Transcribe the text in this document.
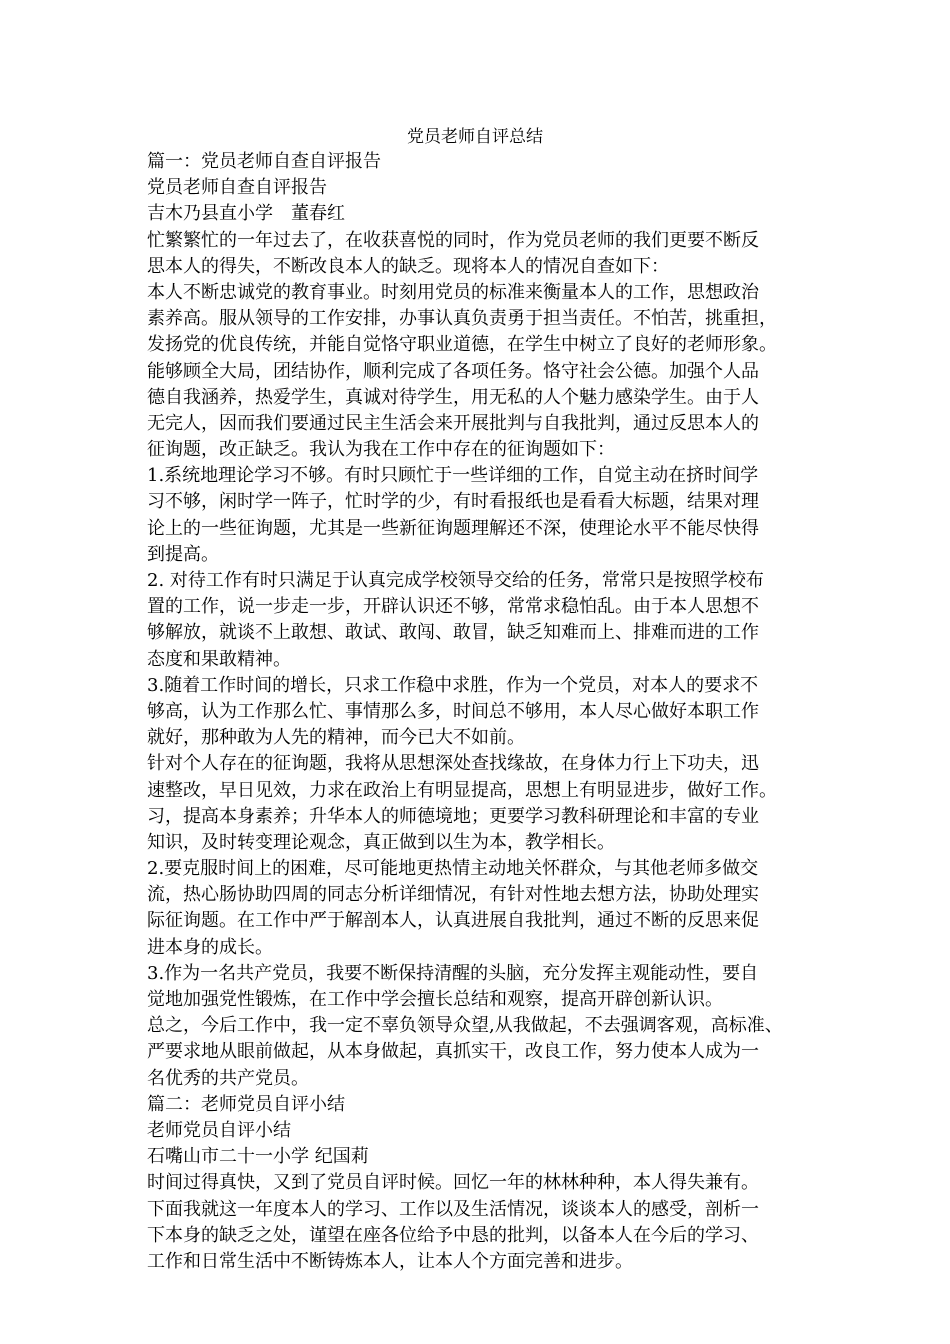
党员老师自评总结
篇一：党员老师自查自评报告
党员老师自查自评报告
吉木乃县直小学　董春红
忙繁繁忙的一年过去了，在收获喜悦的同时，作为党员老师的我们更要不断反
思本人的得失，不断改良本人的缺乏。现将本人的情况自查如下：
本人不断忠诚党的教育事业。时刻用党员的标准来衡量本人的工作，思想政治
素养高。服从领导的工作安排，办事认真负责勇于担当责任。不怕苦，挑重担，
发扬党的优良传统，并能自觉恪守职业道德，在学生中树立了良好的老师形象。
能够顾全大局，团结协作，顺利完成了各项任务。恪守社会公德。加强个人品
德自我涵养，热爱学生，真诚对待学生，用无私的人个魅力感染学生。由于人
无完人，因而我们要通过民主生活会来开展批判与自我批判，通过反思本人的
征询题，改正缺乏。我认为我在工作中存在的征询题如下：
1.系统地理论学习不够。有时只顾忙于一些详细的工作，自觉主动在挤时间学
习不够，闲时学一阵子，忙时学的少，有时看报纸也是看看大标题，结果对理
论上的一些征询题，尤其是一些新征询题理解还不深，使理论水平不能尽快得
到提高。
2. 对待工作有时只满足于认真完成学校领导交给的任务，常常只是按照学校布
置的工作，说一步走一步，开辟认识还不够，常常求稳怕乱。由于本人思想不
够解放，就谈不上敢想、敢试、敢闯、敢冒，缺乏知难而上、排难而进的工作
态度和果敢精神。
3.随着工作时间的增长，只求工作稳中求胜，作为一个党员，对本人的要求不
够高，认为工作那么忙、事情那么多，时间总不够用，本人尽心做好本职工作
就好，那种敢为人先的精神，而今已大不如前。
针对个人存在的征询题，我将从思想深处查找缘故，在身体力行上下功夫，迅
速整改，早日见效，力求在政治上有明显提高，思想上有明显进步，做好工作。
习，提高本身素养；升华本人的师德境地；更要学习教科研理论和丰富的专业
知识，及时转变理论观念，真正做到以生为本，教学相长。
2.要克服时间上的困难，尽可能地更热情主动地关怀群众，与其他老师多做交
流，热心肠协助四周的同志分析详细情况，有针对性地去想方法，协助处理实
际征询题。在工作中严于解剖本人，认真进展自我批判，通过不断的反思来促
进本身的成长。
3.作为一名共产党员，我要不断保持清醒的头脑，充分发挥主观能动性，要自
觉地加强党性锻炼，在工作中学会擅长总结和观察，提高开辟创新认识。
总之，今后工作中，我一定不辜负领导众望,从我做起，不去强调客观，高标准、
严要求地从眼前做起，从本身做起，真抓实干，改良工作，努力使本人成为一
名优秀的共产党员。
篇二：老师党员自评小结
老师党员自评小结
石嘴山市二十一小学 纪国莉
时间过得真快，又到了党员自评时候。回忆一年的林林种种，本人得失兼有。
下面我就这一年度本人的学习、工作以及生活情况，谈谈本人的感受，剖析一
下本身的缺乏之处，谨望在座各位给予中恳的批判，以备本人在今后的学习、
工作和日常生活中不断铸炼本人，让本人个方面完善和进步。
